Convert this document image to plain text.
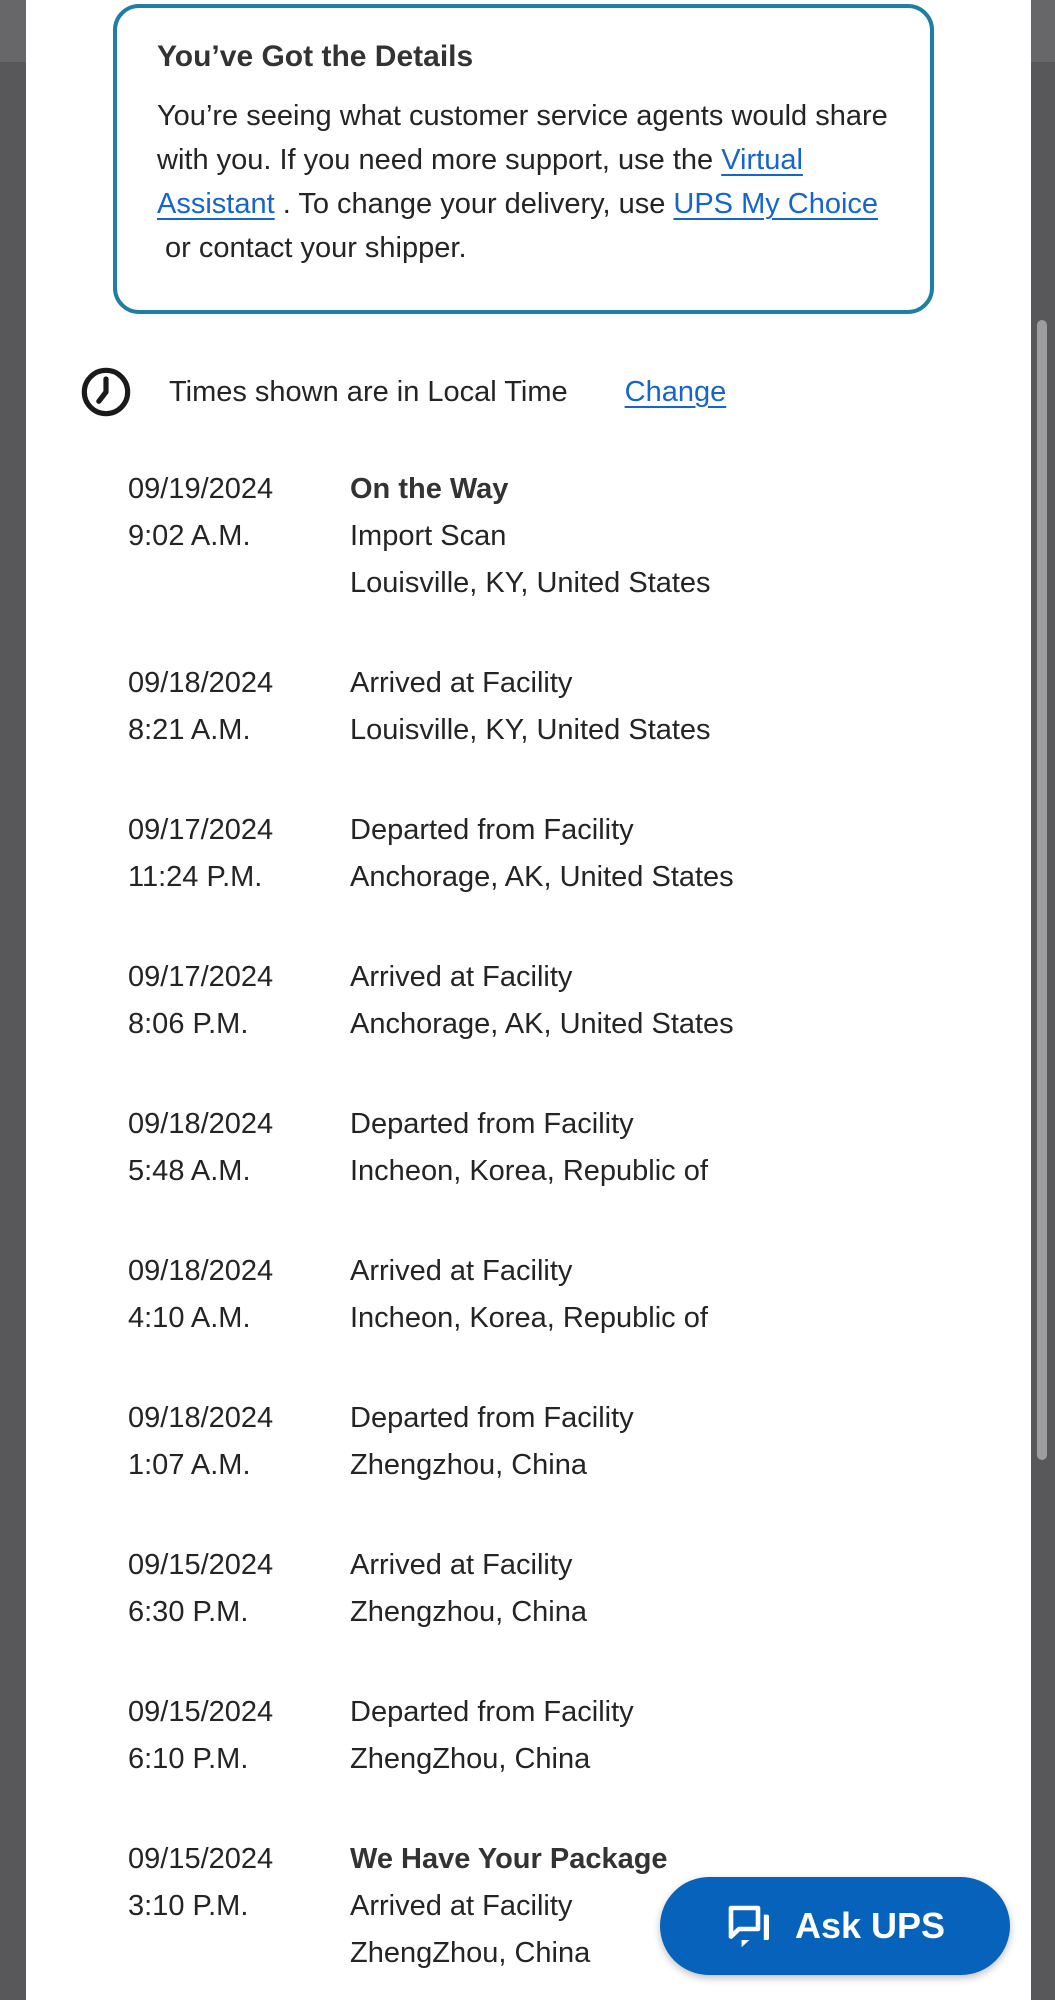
You’ve Got the Details

You’re seeing what customer service agents would share with you. If you need more support, use the Virtual Assistant . To change your delivery, use UPS My Choice  or contact your shipper.

Times shown are in Local Time Change
09/19/2024
9:02 A.M.
On the Way
Import Scan
Louisville, KY, United States
09/18/2024
8:21 A.M.
Arrived at Facility
Louisville, KY, United States
09/17/2024
11:24 P.M.
Departed from Facility
Anchorage, AK, United States
09/17/2024
8:06 P.M.
Arrived at Facility
Anchorage, AK, United States
09/18/2024
5:48 A.M.
Departed from Facility
Incheon, Korea, Republic of
09/18/2024
4:10 A.M.
Arrived at Facility
Incheon, Korea, Republic of
09/18/2024
1:07 A.M.
Departed from Facility
Zhengzhou, China
09/15/2024
6:30 P.M.
Arrived at Facility
Zhengzhou, China
09/15/2024
6:10 P.M.
Departed from Facility
ZhengZhou, China
09/15/2024
3:10 P.M.
We Have Your Package
Arrived at Facility
ZhengZhou, China
Ask UPS
